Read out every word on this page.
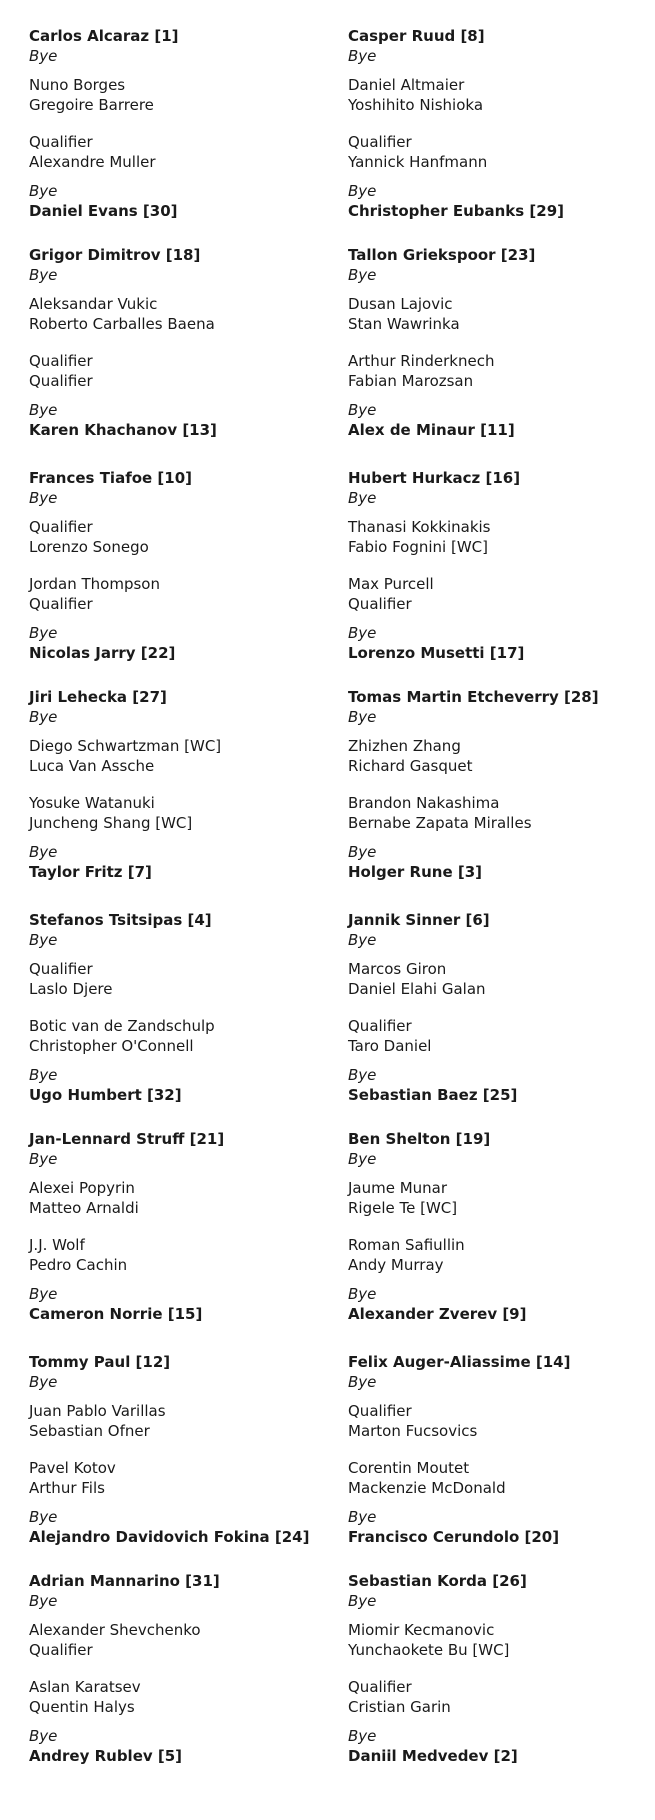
Carlos Alcaraz [1]
Bye
Nuno Borges
Gregoire Barrere
Qualifier
Alexandre Muller
Bye
Daniel Evans [30]
Grigor Dimitrov [18]
Bye
Aleksandar Vukic
Roberto Carballes Baena
Qualifier
Qualifier
Bye
Karen Khachanov [13]
Frances Tiafoe [10]
Bye
Qualifier
Lorenzo Sonego
Jordan Thompson
Qualifier
Bye
Nicolas Jarry [22]
Jiri Lehecka [27]
Bye
Diego Schwartzman [WC]
Luca Van Assche
Yosuke Watanuki
Juncheng Shang [WC]
Bye
Taylor Fritz [7]
Stefanos Tsitsipas [4]
Bye
Qualifier
Laslo Djere
Botic van de Zandschulp
Christopher O'Connell
Bye
Ugo Humbert [32]
Jan-Lennard Struff [21]
Bye
Alexei Popyrin
Matteo Arnaldi
J.J. Wolf
Pedro Cachin
Bye
Cameron Norrie [15]
Tommy Paul [12]
Bye
Juan Pablo Varillas
Sebastian Ofner
Pavel Kotov
Arthur Fils
Bye
Alejandro Davidovich Fokina [24]
Adrian Mannarino [31]
Bye
Alexander Shevchenko
Qualifier
Aslan Karatsev
Quentin Halys
Bye
Andrey Rublev [5]
Casper Ruud [8]
Bye
Daniel Altmaier
Yoshihito Nishioka
Qualifier
Yannick Hanfmann
Bye
Christopher Eubanks [29]
Tallon Griekspoor [23]
Bye
Dusan Lajovic
Stan Wawrinka
Arthur Rinderknech
Fabian Marozsan
Bye
Alex de Minaur [11]
Hubert Hurkacz [16]
Bye
Thanasi Kokkinakis
Fabio Fognini [WC]
Max Purcell
Qualifier
Bye
Lorenzo Musetti [17]
Tomas Martin Etcheverry [28]
Bye
Zhizhen Zhang
Richard Gasquet
Brandon Nakashima
Bernabe Zapata Miralles
Bye
Holger Rune [3]
Jannik Sinner [6]
Bye
Marcos Giron
Daniel Elahi Galan
Qualifier
Taro Daniel
Bye
Sebastian Baez [25]
Ben Shelton [19]
Bye
Jaume Munar
Rigele Te [WC]
Roman Safiullin
Andy Murray
Bye
Alexander Zverev [9]
Felix Auger-Aliassime [14]
Bye
Qualifier
Marton Fucsovics
Corentin Moutet
Mackenzie McDonald
Bye
Francisco Cerundolo [20]
Sebastian Korda [26]
Bye
Miomir Kecmanovic
Yunchaokete Bu [WC]
Qualifier
Cristian Garin
Bye
Daniil Medvedev [2]
